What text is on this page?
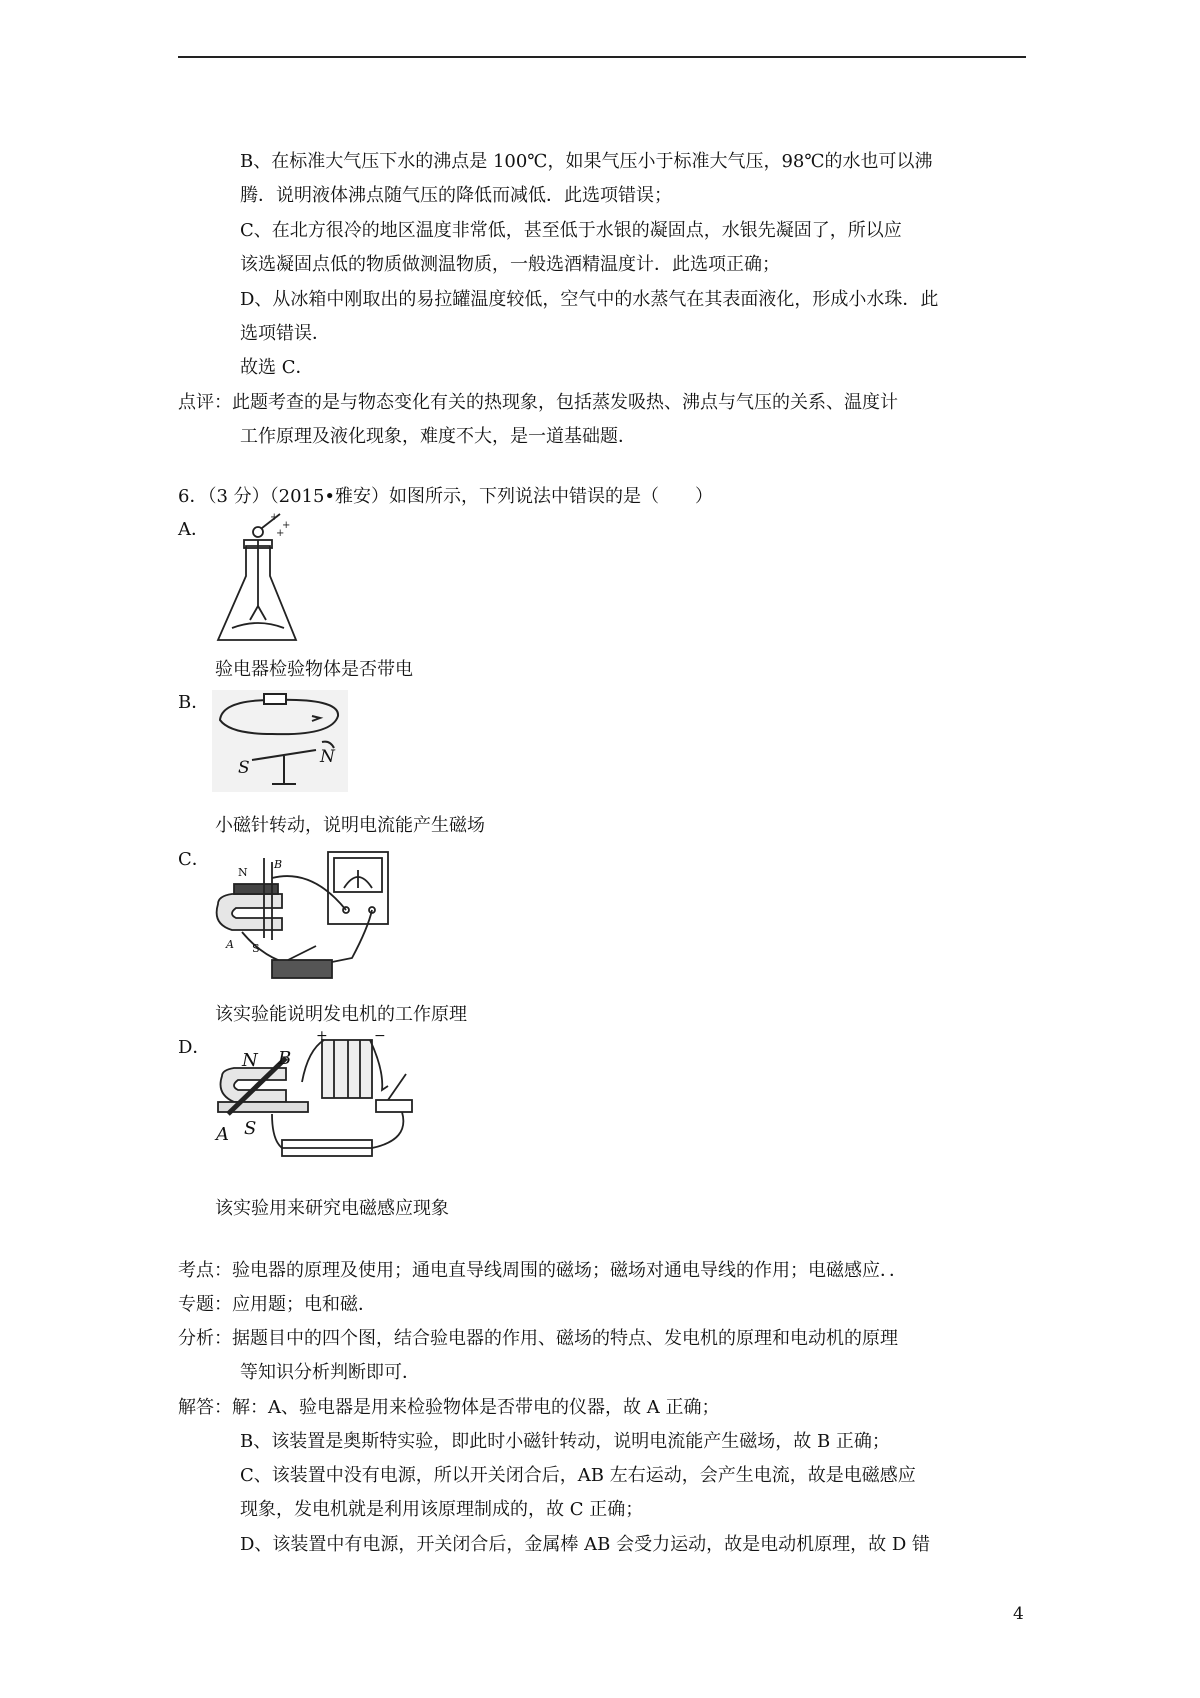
B、在标准大气压下水的沸点是 100℃，如果气压小于标准大气压，98℃的水也可以沸
腾．说明液体沸点随气压的降低而减低．此选项错误；
C、在北方很冷的地区温度非常低，甚至低于水银的凝固点，水银先凝固了，所以应
该选凝固点低的物质做测温物质，一般选酒精温度计．此选项正确；
D、从冰箱中刚取出的易拉罐温度较低，空气中的水蒸气在其表面液化，形成小水珠．此
选项错误．
故选 C．
点评：此题考查的是与物态变化有关的热现象，包括蒸发吸热、沸点与气压的关系、温度计
工作原理及液化现象，难度不大，是一道基础题．
6．（3 分）（2015•雅安）如图所示，下列说法中错误的是（　　）
A．
+
+
+
验电器检验物体是否带电
B．
S
N
小磁针转动，说明电流能产生磁场
C．
N
B
A S
该实验能说明发电机的工作原理
D．
N B
A S
+	−
该实验用来研究电磁感应现象
考点：验电器的原理及使用；通电直导线周围的磁场；磁场对通电导线的作用；电磁感应．．
专题：应用题；电和磁．
分析：据题目中的四个图，结合验电器的作用、磁场的特点、发电机的原理和电动机的原理
等知识分析判断即可．
解答：解：A、验电器是用来检验物体是否带电的仪器，故 A 正确；
B、该装置是奥斯特实验，即此时小磁针转动，说明电流能产生磁场，故 B 正确；
C、该装置中没有电源，所以开关闭合后，AB 左右运动，会产生电流，故是电磁感应
现象，发电机就是利用该原理制成的，故 C 正确；
D、该装置中有电源，开关闭合后，金属棒 AB 会受力运动，故是电动机原理，故 D 错
4
